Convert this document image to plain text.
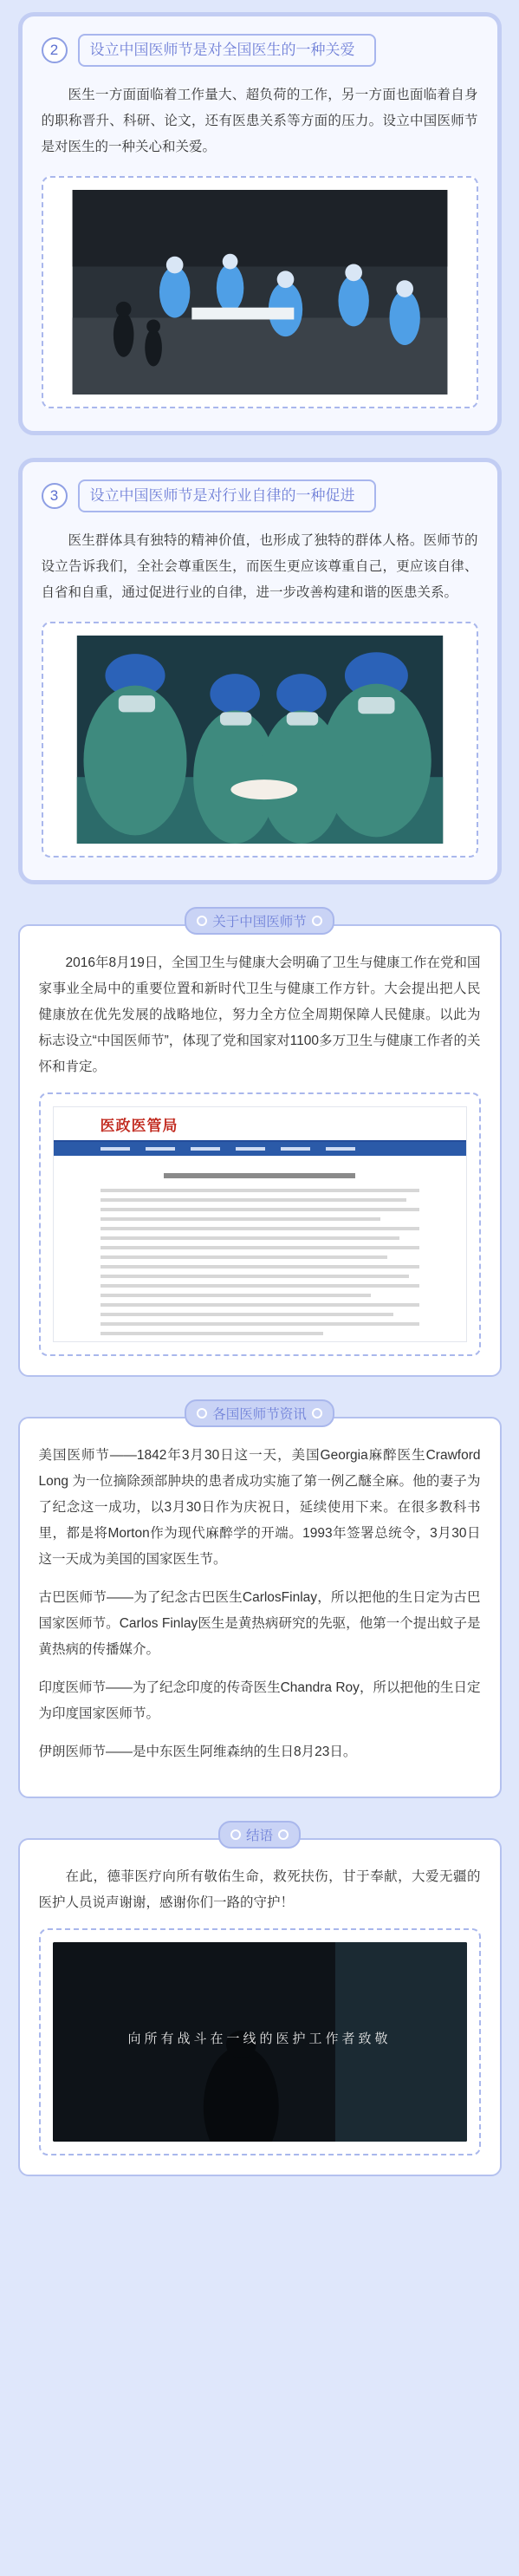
2	设立中国医师节是对全国医生的一种关爱

医生一方面面临着工作量大、超负荷的工作，另一方面也面临着自身的职称晋升、科研、论文，还有医患关系等方面的压力。设立中国医师节是对医生的一种关心和关爱。

3	设立中国医师节是对行业自律的一种促进

医生群体具有独特的精神价值，也形成了独特的群体人格。医师节的设立告诉我们，全社会尊重医生，而医生更应该尊重自己，更应该自律、自省和自重，通过促进行业的自律，进一步改善构建和谐的医患关系。

关于中国医师节

2016年8月19日，全国卫生与健康大会明确了卫生与健康工作在党和国家事业全局中的重要位置和新时代卫生与健康工作方针。大会提出把人民健康放在优先发展的战略地位，努力全方位全周期保障人民健康。以此为标志设立“中国医师节”，体现了党和国家对1100多万卫生与健康工作者的关怀和肯定。

医政医管局
各国医师节资讯

美国医师节——1842年3月30日这一天，美国Georgia麻醉医生Crawford Long 为一位摘除颈部肿块的患者成功实施了第一例乙醚全麻。他的妻子为了纪念这一成功，以3月30日作为庆祝日，延续使用下来。在很多教科书里，都是将Morton作为现代麻醉学的开端。1993年签署总统令，3月30日这一天成为美国的国家医生节。

古巴医师节——为了纪念古巴医生CarlosFinlay，所以把他的生日定为古巴国家医师节。Carlos Finlay医生是黄热病研究的先驱，他第一个提出蚊子是黄热病的传播媒介。

印度医师节——为了纪念印度的传奇医生Chandra Roy，所以把他的生日定为印度国家医师节。

伊朗医师节——是中东医生阿维森纳的生日8月23日。

结语

在此，德菲医疗向所有敬佑生命，救死扶伤，甘于奉献，大爱无疆的医护人员说声谢谢，感谢你们一路的守护！

向所有战斗在一线的医护工作者致敬
